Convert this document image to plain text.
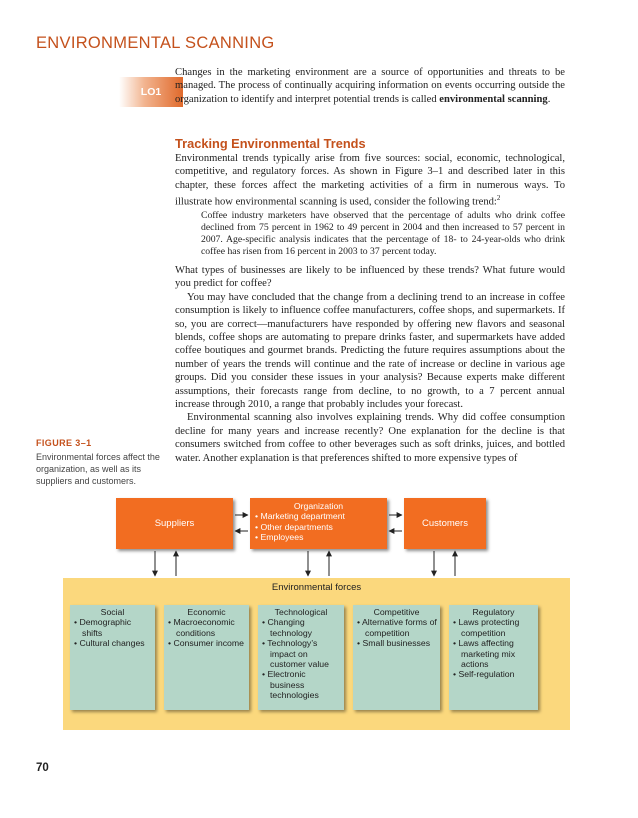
ENVIRONMENTAL SCANNING
LO1
Changes in the marketing environment are a source of opportunities and threats to be managed. The process of continually acquiring information on events occurring outside the organization to identify and interpret potential trends is called environmental scanning.
Tracking Environmental Trends
Environmental trends typically arise from five sources: social, economic, technological, competitive, and regulatory forces. As shown in Figure 3–1 and described later in this chapter, these forces affect the marketing activities of a firm in numerous ways. To illustrate how environmental scanning is used, consider the following trend:$^2$
Coffee industry marketers have observed that the percentage of adults who drink coffee declined from 75 percent in 1962 to 49 percent in 2004 and then increased to 57 percent in 2007. Age-specific analysis indicates that the percentage of 18- to 24-year-olds who drink coffee has risen from 16 percent in 2003 to 37 percent today.

What types of businesses are likely to be influenced by these trends? What future would you predict for coffee?

You may have concluded that the change from a declining trend to an increase in coffee consumption is likely to influence coffee manufacturers, coffee shops, and supermarkets. If so, you are correct—manufacturers have responded by offering new flavors and seasonal blends, coffee shops are automating to prepare drinks faster, and supermarkets have added coffee boutiques and gourmet brands. Predicting the future requires assumptions about the number of years the trends will continue and the rate of increase or decline in various age groups. Did you consider these issues in your analysis? Because experts make different assumptions, their forecasts range from decline, to no growth, to a 7 percent annual increase through 2010, a range that probably includes your forecast.

Environmental scanning also involves explaining trends. Why did coffee consumption decline for many years and increase recently? One explanation for the decline is that consumers switched from coffee to other beverages such as soft drinks, juices, and bottled water. Another explanation is that preferences shifted to more expensive types of

FIGURE 3–1
Environmental forces affect the organization, as well as its suppliers and customers.
Suppliers
Organization
• Marketing department
• Other departments
• Employees
Customers
Environmental forces
Social
• Demographic shifts
• Cultural changes
Economic
• Macroeconomic conditions
• Consumer income
Technological
• Changing technology
• Technology’s impact on customer value
• Electronic business technologies
Competitive
• Alternative forms of competition
• Small businesses
Regulatory
• Laws protecting competition
• Laws affecting marketing mix actions
• Self-regulation
70
